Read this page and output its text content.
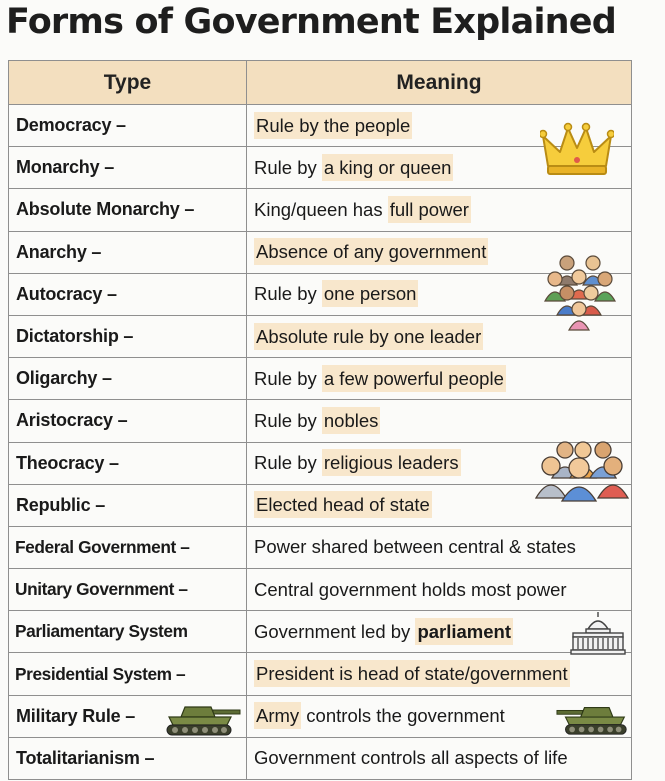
Forms of Government Explained
Type	Meaning
Democracy –	Rule by the people
Monarchy –	Rule by a king or queen
Absolute Monarchy –	King/queen has full power
Anarchy –	Absence of any government
Autocracy –	Rule by one person
Dictatorship –	Absolute rule by one leader
Oligarchy –	Rule by a few powerful people
Aristocracy –	Rule by nobles
Theocracy –	Rule by religious leaders
Republic –	Elected head of state
Federal Government –	Power shared between central & states
Unitary Government –	Central government holds most power
Parliamentary System	Government led by parliament
Presidential System –	President is head of state/government
Military Rule –	Army controls the government
Totalitarianism –	Government controls all aspects of life
